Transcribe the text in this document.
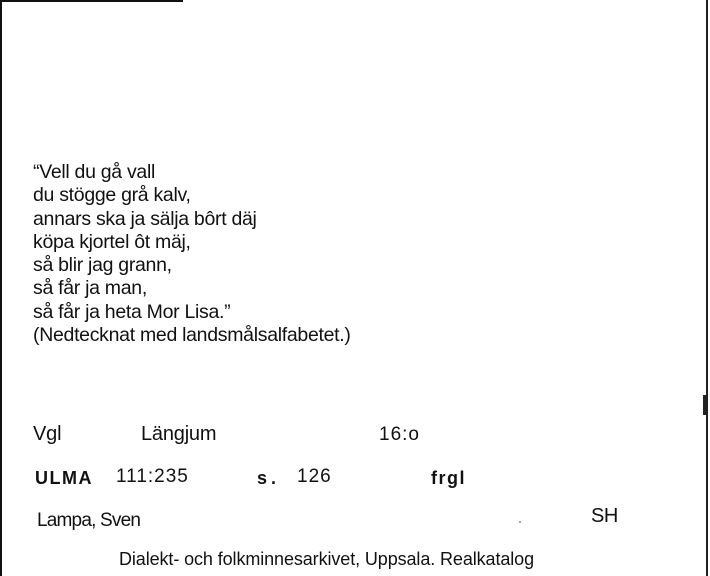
“Vell du gå vall
du stögge grå kalv,
annars ska ja sälja bôrt däj
köpa kjortel ôt mäj,
så blir jag grann,
så får ja man,
så får ja heta Mor Lisa.”
(Nedtecknat med landsmålsalfabetet.)
Vgl	Längjum	16:o
ULMA 111:235	s. 126	frgl
Lampa, Sven	SH
Dialekt- och folkminnesarkivet, Uppsala. Realkatalog
